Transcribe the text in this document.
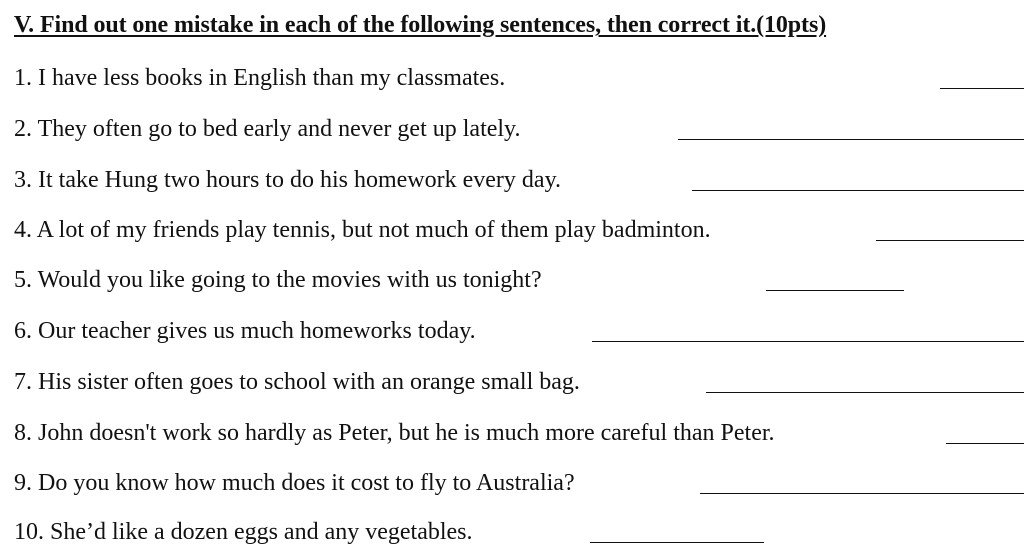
V. Find out one mistake in each of the following sentences, then correct it.(10pts)
1. I have less books in English than my classmates.
2. They often go to bed early and never get up lately.
3. It take Hung two hours to do his homework every day.
4. A lot of my friends play tennis, but not much of them play badminton.
5. Would you like going to the movies with us tonight?
6. Our teacher gives us much homeworks today.
7. His sister often goes to school with an orange small bag.
8. John doesn't work so hardly as Peter, but he is much more careful than Peter.
9. Do you know how much does it cost to fly to Australia?
10. She’d like a dozen eggs and any vegetables.
